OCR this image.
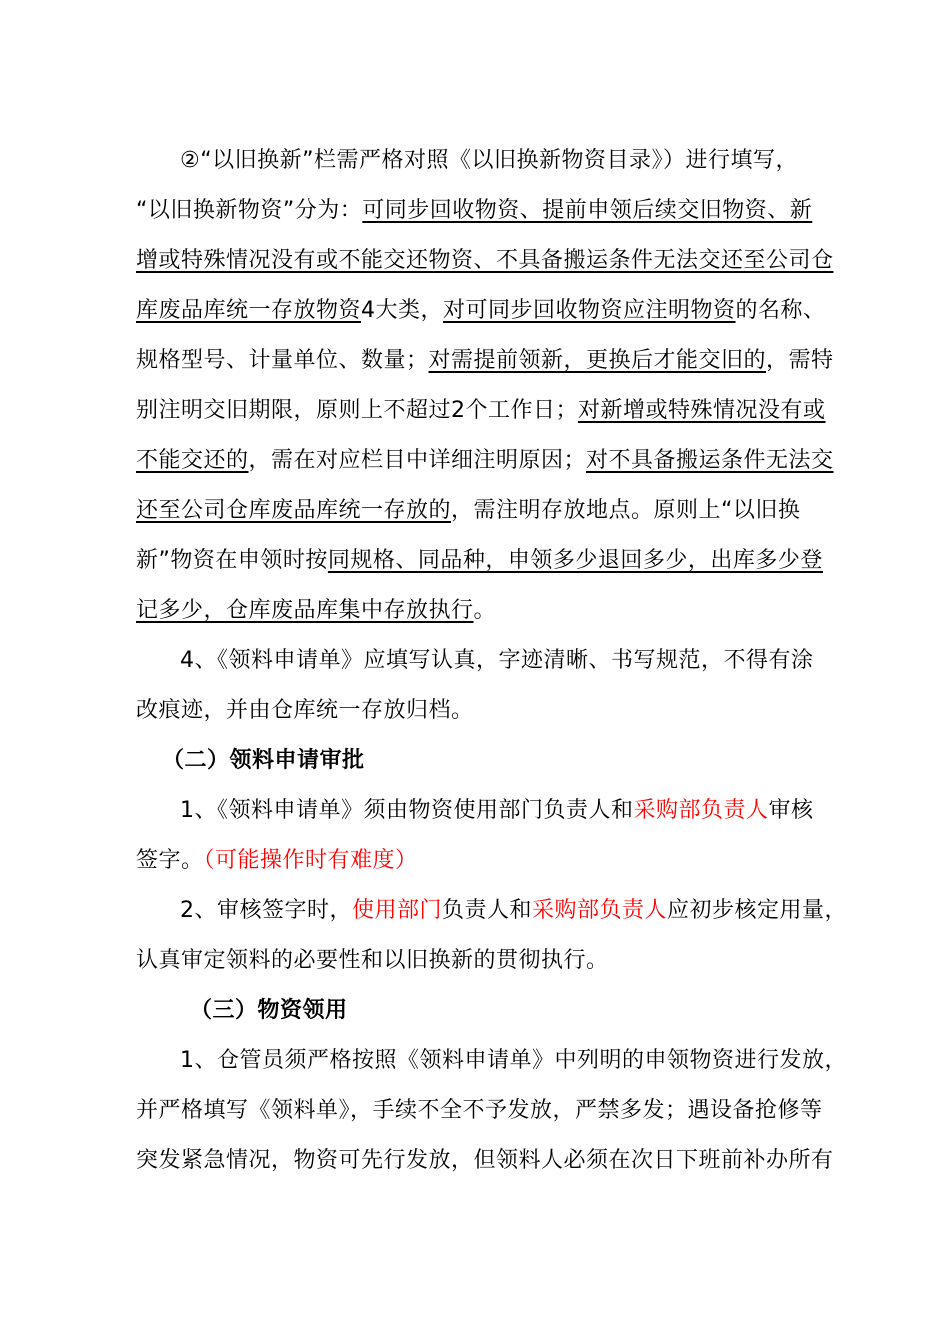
②“以旧换新”栏需严格对照《以旧换新物资目录》）进行填写，
“以旧换新物资”分为：可同步回收物资、提前申领后续交旧物资、新
增或特殊情况没有或不能交还物资、不具备搬运条件无法交还至公司仓
库废品库统一存放物资4大类，对可同步回收物资应注明物资的名称、
规格型号、计量单位、数量；对需提前领新，更换后才能交旧的，需特
别注明交旧期限，原则上不超过2个工作日；对新增或特殊情况没有或
不能交还的，需在对应栏目中详细注明原因；对不具备搬运条件无法交
还至公司仓库废品库统一存放的，需注明存放地点。原则上“以旧换
新”物资在申领时按同规格、同品种，申领多少退回多少，出库多少登
记多少，仓库废品库集中存放执行。
4、《领料申请单》应填写认真，字迹清晰、书写规范，不得有涂
改痕迹，并由仓库统一存放归档。
（二）领料申请审批
1、《领料申请单》须由物资使用部门负责人和采购部负责人审核
签字。（可能操作时有难度）
2、审核签字时，使用部门负责人和采购部负责人应初步核定用量，
认真审定领料的必要性和以旧换新的贯彻执行。
（三）物资领用
1、仓管员须严格按照《领料申请单》中列明的申领物资进行发放，
并严格填写《领料单》，手续不全不予发放，严禁多发；遇设备抢修等
突发紧急情况，物资可先行发放，但领料人必须在次日下班前补办所有
